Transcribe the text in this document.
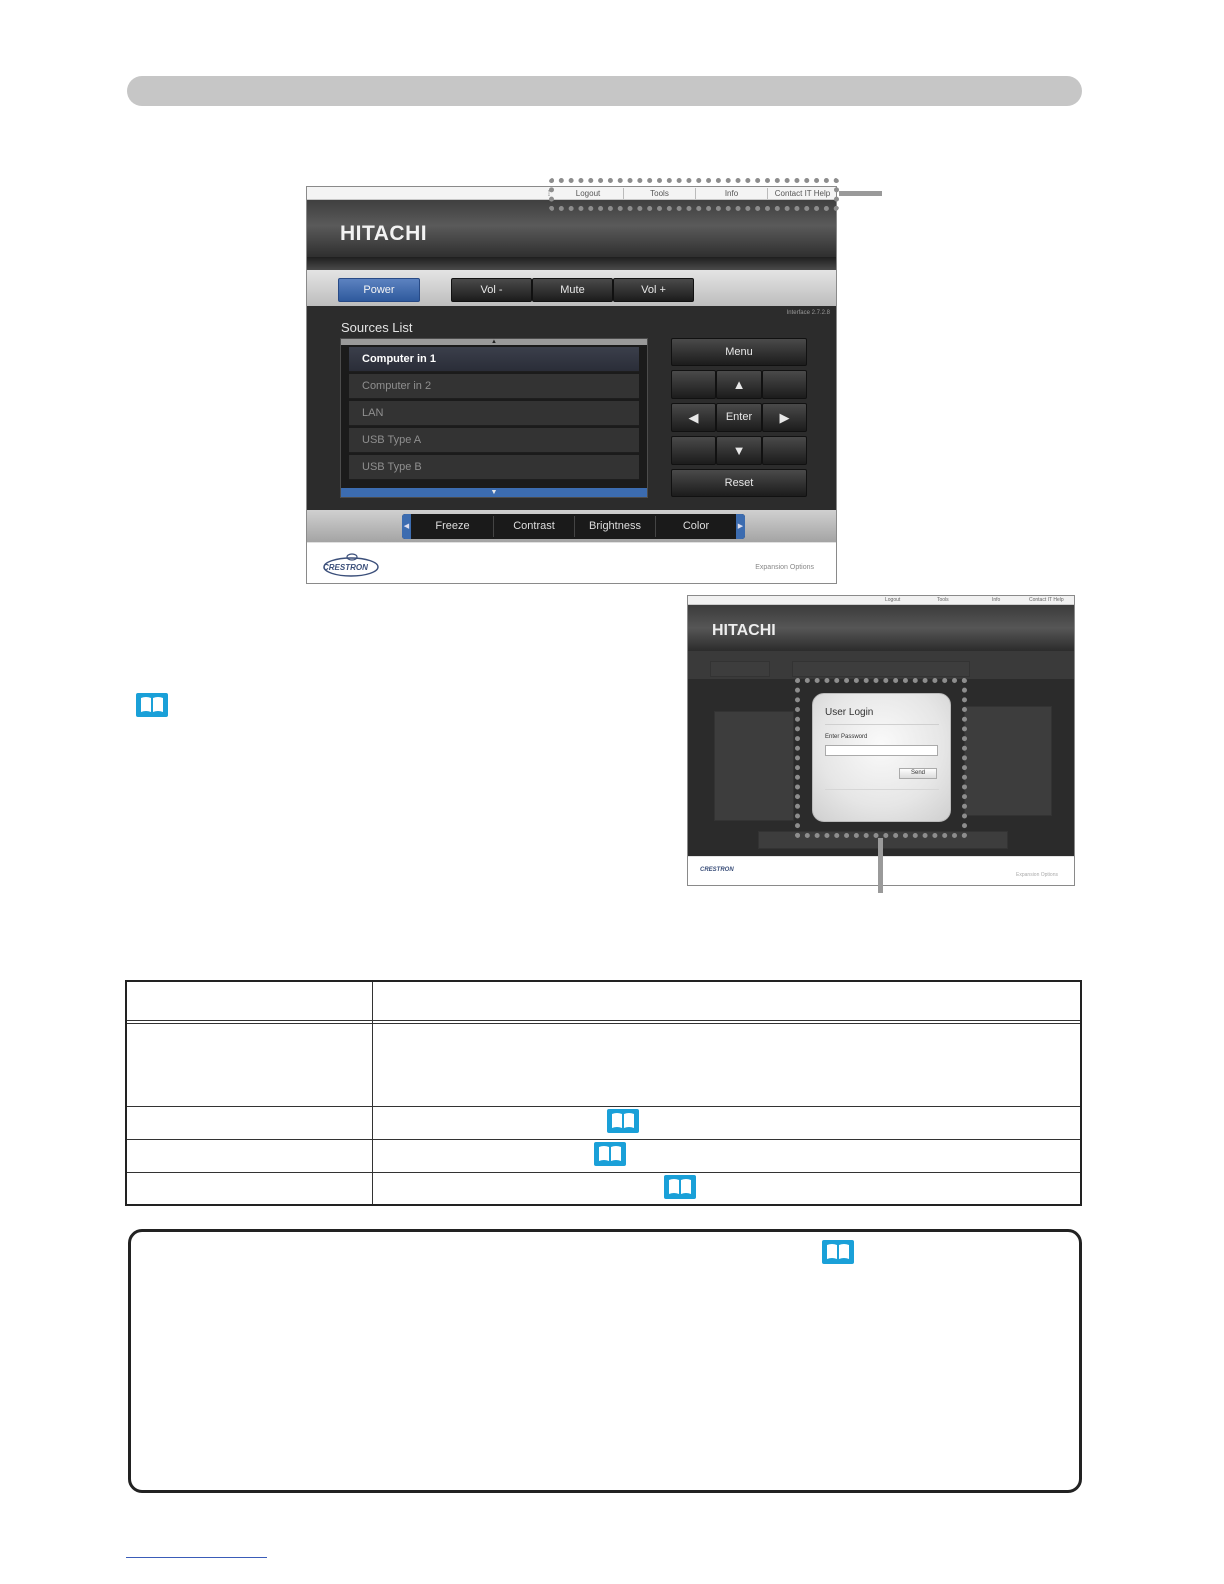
⁞	Logout	Tools	Info	Contact IT Help
HITACHI
Power	Vol -	Mute	Vol +
Interface 2.7.2.8
Sources List
▲
Computer in 1
Computer in 2
LAN
USB Type A
USB Type B
▼
Menu
▲
◀	Enter	▶
▼
Reset
◀	Freeze	Contrast	Brightness	Color	▶
CRESTRON	Expansion Options
Logout	Tools	Info	Contact IT Help
HITACHI
CRESTRON
Expansion Options
User Login
Enter Password
Send
